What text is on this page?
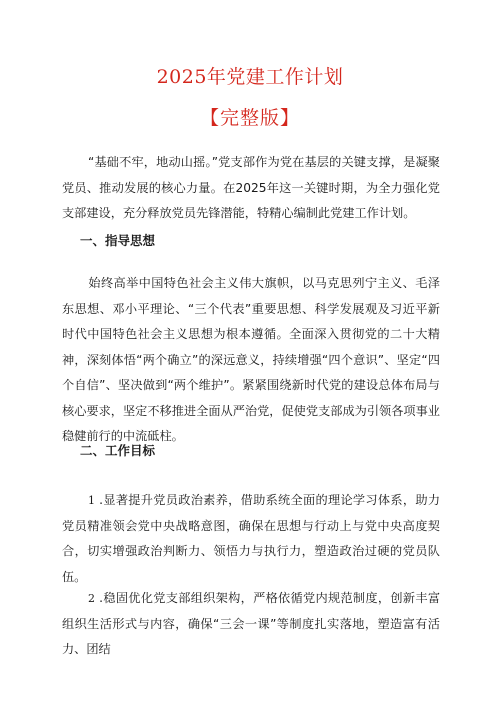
2025年党建工作计划
【完整版】
“基础不牢，地动山摇。”党支部作为党在基层的关键支撑，是凝聚党员、推动发展的核心力量。在2025年这一关键时期，为全力强化党支部建设，充分释放党员先锋潜能，特精心编制此党建工作计划。
一、指导思想
始终高举中国特色社会主义伟大旗帜，以马克思列宁主义、毛泽东思想、邓小平理论、“三个代表”重要思想、科学发展观及习近平新时代中国特色社会主义思想为根本遵循。全面深入贯彻党的二十大精神，深刻体悟“两个确立”的深远意义，持续增强“四个意识”、坚定“四个自信”、坚决做到“两个维护”。紧紧围绕新时代党的建设总体布局与核心要求，坚定不移推进全面从严治党，促使党支部成为引领各项事业稳健前行的中流砥柱。
二、工作目标
1 .显著提升党员政治素养，借助系统全面的理论学习体系，助力党员精准领会党中央战略意图，确保在思想与行动上与党中央高度契合，切实增强政治判断力、领悟力与执行力，塑造政治过硬的党员队伍。
2 .稳固优化党支部组织架构，严格依循党内规范制度，创新丰富组织生活形式与内容，确保“三会一课”等制度扎实落地，塑造富有活力、团结
